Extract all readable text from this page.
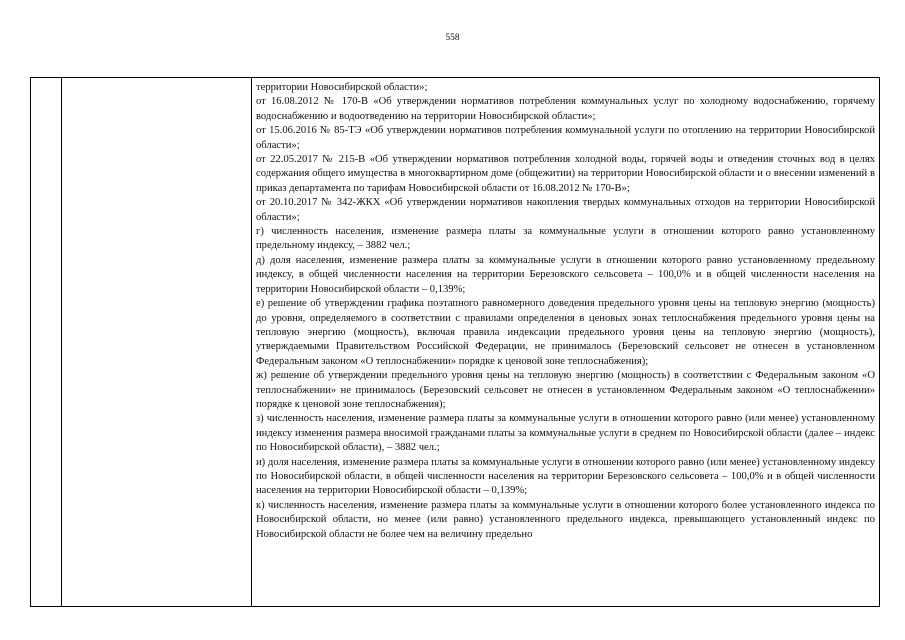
558

территории Новосибирской области»;

от 16.08.2012 № 170-В «Об утверждении нормативов потребления коммунальных услуг по холодному водоснабжению, горячему водоснабжению и водоотведению на территории Новосибирской области»;

от 15.06.2016 № 85-ТЭ «Об утверждении нормативов потребления коммунальной услуги по отоплению на территории Новосибирской области»;

от 22.05.2017 № 215-В «Об утверждении нормативов потребления холодной воды, горячей воды и отведения сточных вод в целях содержания общего имущества в многоквартирном доме (общежитии) на территории Новосибирской области и о внесении изменений в приказ департамента по тарифам Новосибирской области от 16.08.2012 № 170-В»;

от 20.10.2017 № 342-ЖКХ «Об утверждении нормативов накопления твердых коммунальных отходов на территории Новосибирской области»;

г) численность населения, изменение размера платы за коммунальные услуги в отношении которого равно установленному предельному индексу, – 3882 чел.;

д) доля населения, изменение размера платы за коммунальные услуги в отношении которого равно установленному предельному индексу, в общей численности населения на территории Березовского сельсовета – 100,0% и в общей численности населения на территории Новосибирской области – 0,139%;

е) решение об утверждении графика поэтапного равномерного доведения предельного уровня цены на тепловую энергию (мощность) до уровня, определяемого в соответствии с правилами определения в ценовых зонах теплоснабжения предельного уровня цены на тепловую энергию (мощность), включая правила индексации предельного уровня цены на тепловую энергию (мощность), утверждаемыми Правительством Российской Федерации, не принималось (Березовский сельсовет не отнесен в установленном Федеральным законом «О теплоснабжении» порядке к ценовой зоне теплоснабжения);

ж) решение об утверждении предельного уровня цены на тепловую энергию (мощность) в соответствии с Федеральным законом «О теплоснабжении» не принималось (Березовский сельсовет не отнесен в установленном Федеральным законом «О теплоснабжении» порядке к ценовой зоне теплоснабжения);

з) численность населения, изменение размера платы за коммунальные услуги в отношении которого равно (или менее) установленному индексу изменения размера вносимой гражданами платы за коммунальные услуги в среднем по Новосибирской области (далее – индекс по Новосибирской области), – 3882 чел.;

и) доля населения, изменение размера платы за коммунальные услуги в отношении которого равно (или менее) установленному индексу по Новосибирской области, в общей численности населения на территории Березовского сельсовета – 100,0% и в общей численности населения на территории Новосибирской области – 0,139%;

к) численность населения, изменение размера платы за коммунальные услуги в отношении которого более установленного индекса по Новосибирской области, но менее (или равно) установленного предельного индекса, превышающего установленный индекс по Новосибирской области не более чем на величину предельно
